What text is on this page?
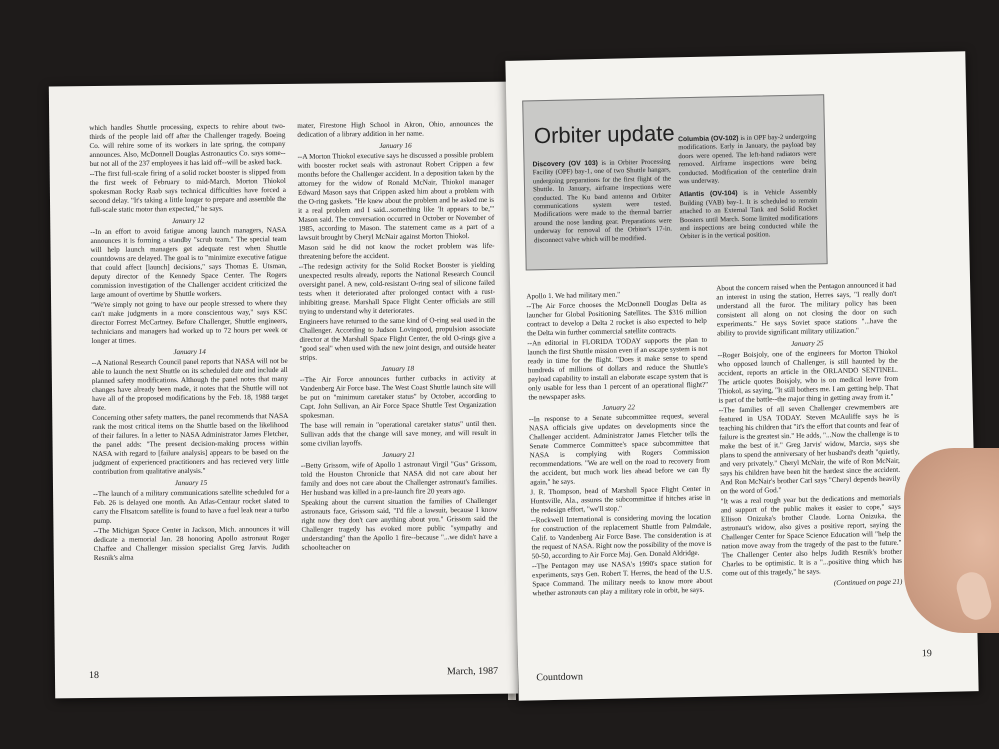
which handles Shuttle processing, expects to rehire about two-thirds of the people laid off after the Challenger tragedy. Boeing Co. will rehire some of its workers in late spring, the company announces. Also, McDonnell Douglas Astronautics Co. says some--but not all of the 237 employees it has laid off--will be asked back.

--The first full-scale firing of a solid rocket booster is slipped from the first week of February to mid-March. Morton Thiokol spokesman Rocky Raab says technical difficulties have forced a second delay. "It's taking a little longer to prepare and assemble the full-scale static motor than expected," he says.

January 12

--In an effort to avoid fatigue among launch managers, NASA announces it is forming a standby "scrub team." The special team will help launch managers get adequate rest when Shuttle countdowns are delayed. The goal is to "minimize executive fatigue that could affect [launch] decisions," says Thomas E. Utsman, deputy director of the Kennedy Space Center. The Rogers commission investigation of the Challenger accident criticized the large amount of overtime by Shuttle workers.

"We're simply not going to have our people stressed to where they can't make judgments in a more conscientous way," says KSC director Forrest McCartney. Before Challenger, Shuttle engineers, technicians and managers had worked up to 72 hours per week or longer at times.

January 14

--A National Research Council panel reports that NASA will not be able to launch the next Shuttle on its scheduled date and include all planned safety modifications. Although the panel notes that many changes have already been made, it notes that the Shuttle will not have all of the proposed modifications by the Feb. 18, 1988 target date.

Concerning other safety matters, the panel recommends that NASA rank the most critical items on the Shuttle based on the likelihood of their failures. In a letter to NASA Administrator James Fletcher, the panel adds: "The present decision-making process within NASA with regard to [failure analysis] appears to be based on the judgment of experienced practitioners and has recieved very little contribution from qualitative analysis."

January 15

--The launch of a military communications satellite scheduled for a Feb. 26 is delayed one month. An Atlas-Centaur rocket slated to carry the Fltsatcom satellite is found to have a fuel leak near a turbo pump.

--The Michigan Space Center in Jackson, Mich. announces it will dedicate a memorial Jan. 28 honoring Apollo astronaut Roger Chaffee and Challenger mission specialist Greg Jarvis. Judith Resnik's alma

mater, Firestone High School in Akron, Ohio, announces the dedication of a library addition in her name.

January 16

--A Morton Thiokol executive says he discussed a possible problem with booster rocket seals with astronaut Robert Crippen a few months before the Challenger accident. In a deposition taken by the attorney for the widow of Ronald McNair, Thiokol manager Edward Mason says that Crippen asked him about a problem with the O-ring gaskets. "He knew about the problem and he asked me is it a real problem and I said...something like 'It appears to be,'" Mason said. The conversation occurred in October or November of 1985, according to Mason. The statement came as a part of a lawsuit brought by Cheryl McNair against Morton Thiokol.

Mason said he did not know the rocket problem was life-threatening before the accident.

--The redesign activity for the Solid Rocket Booster is yielding unexpected results already, reports the National Research Council oversight panel. A new, cold-resistant O-ring seal of silicone failed tests when it deteriorated after prolonged contact with a rust-inhibiting grease. Marshall Space Flight Center officials are still trying to understand why it deteriorates.

Engineers have returned to the same kind of O-ring seal used in the Challenger. According to Judson Lovingood, propulsion associate director at the Marshall Space Flight Center, the old O-rings give a "good seal" when used with the new joint design, and outside heater strips.

January 18

--The Air Force announces further cutbacks in activity at Vandenberg Air Force base. The West Coast Shuttle launch site will be put on "minimum caretaker status" by October, according to Capt. John Sullivan, an Air Force Space Shuttle Test Organization spokesman.

The base will remain in "operational caretaker status" until then. Sullivan adds that the change will save money, and will result in some civilian layoffs.

January 21

--Betty Grissom, wife of Apollo 1 astronaut Virgil "Gus" Grissom, told the Houston Chronicle that NASA did not care about her family and does not care about the Challenger astronaut's families. Her husband was killed in a pre-launch fire 20 years ago.

Speaking about the current situation the families of Challenger astronauts face, Grissom said, "I'd file a lawsuit, because I know right now they don't care anything about you." Grissom said the Challenger tragedy has evoked more public "sympathy and understanding" than the Apollo 1 fire--because "...we didn't have a schoolteacher on

18	March, 1987
Orbiter update
Discovery (OV 103) is in Orbiter Processing Facility (OPF) bay-1, one of two Shuttle hangars, undergoing preparations for the first flight of the Shuttle. In January, airframe inspections were conducted. The Ku band antenna and Orbiter communications system were tested. Modifications were made to the thermal barrier around the nose landing gear. Preparations were underway for removal of the Orbiter's 17-in. disconnect valve which will be modified.
Columbia (OV-102) is in OPF bay-2 undergoing modifications. Early in January, the payload bay doors were opened. The left-hand radiators were removed. Airframe inspections were being conducted. Modification of the centerline drain was underway.
Atlantis (OV-104) is in Vehicle Assembly Building (VAB) bay-1. It is scheduled to remain attached to an External Tank and Solid Rocket Boosters until March. Some limited modifications and inspections are being conducted while the Orbiter is in the vertical position.

Apollo 1. We had military men."

--The Air Force chooses the McDonnell Douglas Delta as launcher for Global Positioning Satellites. The $316 million contract to develop a Delta 2 rocket is also expected to help the Delta win further commercial satellite contracts.

--An editorial in FLORIDA TODAY supports the plan to launch the first Shuttle mission even if an escape system is not ready in time for the flight. "Does it make sense to spend hundreds of millions of dollars and reduce the Shuttle's payload capability to install an elaborate escape system that is only usable for less than 1 percent of an operational flight?" the newspaper asks.

January 22

--In response to a Senate subcommittee request, several NASA officials give updates on developments since the Challenger accident. Administrator James Fletcher tells the Senate Commerce Committee's space subcommittee that NASA is complying with Rogers Commission recommendations. "We are well on the road to recovery from the accident, but much work lies ahead before we can fly again," he says.

J. R. Thompson, head of Marshall Space Flight Center in Huntsville, Ala., assures the subcommittee if hitches arise in the redesign effort, "we'll stop."

--Rockwell International is considering moving the location for construction of the replacement Shuttle from Palmdale, Calif. to Vandenberg Air Force Base. The consideration is at the request of NASA. Right now the possibility of the move is 50-50, according to Air Force Maj. Gen. Donald Aldridge.

--The Pentagon may use NASA's 1990's space station for experiments, says Gen. Robert T. Herres, the head of the U.S. Space Command. The military needs to know more about whether astronauts can play a military role in orbit, he says.

About the concern raised when the Pentagon announced it had an interest in using the station, Herres says, "I really don't understand all the furor. The military policy has been consistent all along on not closing the door on such experiments." He says Soviet space stations "...have the ability to provide significant military utilization."

January 25

--Roger Boisjoly, one of the engineers for Morton Thiokol who opposed launch of Challenger, is still haunted by the accident, reports an article in the ORLANDO SENTINEL. The article quotes Boisjoly, who is on medical leave from Thiokol, as saying, "It still bothers me. I am getting help. That is part of the battle--the major thing in getting away from it."

--The families of all seven Challenger crewmembers are featured in USA TODAY. Steven McAuliffe says he is teaching his children that "it's the effort that counts and fear of failure is the greatest sin." He adds, "...Now the challenge is to make the best of it." Greg Jarvis' widow, Marcia, says she plans to spend the anniversary of her husband's death "quietly, and very privately." Cheryl McNair, the wife of Ron McNair, says his children have been hit the hardest since the accident. And Ron McNair's brother Carl says "Cheryl depends heavily on the word of God."

"It was a real rough year but the dedications and memorials and support of the public makes it easier to cope," says Ellison Onizuka's brother Claude. Lorna Onizuka, the astronaut's widow, also gives a positive report, saying the Challenger Center for Space Science Education will "help the nation move away from the tragedy of the past to the future." The Challenger Center also helps Judith Resnik's brother Charles to be optimistic. It is a "...positive thing which has come out of this tragedy," he says.

(Continued on page 21)

Countdown
19
